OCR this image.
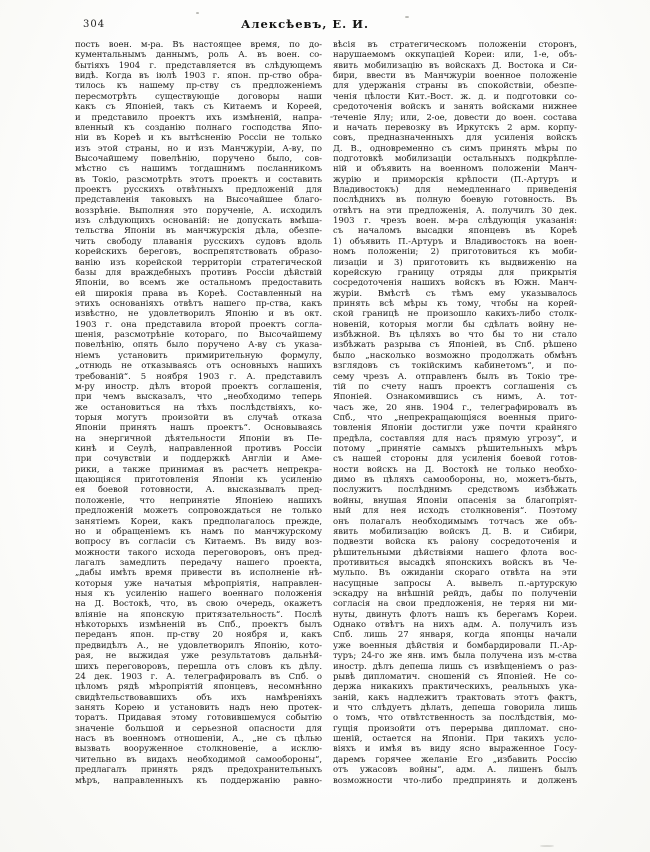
304	Алексѣевъ, Е. И.
пость воен. м-ра. Въ настоящее время, по до-
кументальнымъ даннымъ, роль А. въ воен. со-
бытіяхъ 1904 г. представляется въ слѣдующемъ
видѣ. Когда въ іюлѣ 1903 г. япон. пр-ство обра-
тилось къ нашему пр-ству съ предложеніемъ
пересмотрѣть существующіе договоры наши
какъ съ Японіей, такъ съ Китаемъ и Кореей,
и представило проектъ ихъ измѣненій, напра-
вленный къ созданію полнаго господства Япо-
ніи въ Кореѣ и къ вытѣсненію Россіи не только
изъ этой страны, но и изъ Манчжуріи, А-ву, по
Высочайшему повелѣнію, поручено было, сов-
мѣстно съ нашимъ тогдашнимъ посланникомъ
въ Токіо, разсмотрѣть этотъ проектъ и составить
проектъ русскихъ отвѣтныхъ предложеній для
представленія таковыхъ на Высочайшее благо-
воззрѣніе. Выполняя это порученіе, А. исходилъ
изъ слѣдующихъ основаній: не допускать вмѣша-
тельства Японіи въ манчжурскія дѣла, обезпе-
чить свободу плаванія русскихъ судовъ вдоль
корейскихъ береговъ, воспрепятствовать образо-
ванію изъ корейской территоріи стратегической
базы для враждебныхъ противъ Россіи дѣйствій
Японіи, во всемъ же остальномъ предоставить
ей широкія права въ Кореѣ. Составленный на
этихъ основаніяхъ отвѣтъ нашего пр-ства, какъ
извѣстно, не удовлетворилъ Японію и въ окт.
1903 г. она представила второй проектъ согла-
шенія, разсмотрѣніе котораго, по Высочайшему
повелѣнію, опять было поручено А-ву съ указа-
ніемъ установить примирительную формулу,
„отнюдь не отказываясь отъ основныхъ нашихъ
требованій“. 5 ноября 1903 г. А. представилъ
м-ру иностр. дѣлъ второй проектъ соглашенія,
при чемъ высказалъ, что „необходимо теперь
же остановиться на тѣхъ послѣдствіяхъ, ко-
торыя могутъ произойти въ случаѣ отказа
Японіи принять нашъ проектъ“. Основываясь
на энергичной дѣятельности Японіи въ Пе-
кинѣ и Сеулѣ, направленной противъ Россіи
при сочувствіи и поддержкѣ Англіи и Аме-
рики, а также принимая въ расчетъ непрекра-
щающіяся приготовленія Японіи къ усиленію
ея боевой готовности, А. высказывалъ пред-
положеніе, что непринятіе Японіею нашихъ
предложеній можетъ сопровождаться не только
занятіемъ Кореи, какъ предполагалось прежде,
но и обращеніемъ къ намъ по манчжурскому
вопросу въ согласіи съ Китаемъ. Въ виду воз-
можности такого исхода переговоровъ, онъ пред-
лагалъ замедлить передачу нашего проекта,
„дабы имѣть время привести въ исполненіе нѣ-
которыя уже начатыя мѣропріятія, направлен-
ныя къ усиленію нашего военнаго положенія
на Д. Востокѣ, что, въ свою очередь, окажетъ
вліяніе на японскую притязательность“. Послѣ
нѣкоторыхъ измѣненій въ Спб., проектъ былъ
переданъ япон. пр-ству 20 ноября и, какъ
предвидѣлъ А., не удовлетворилъ Японію, кото-
рая, не выжидая уже результатовъ дальнѣй-
шихъ переговоровъ, перешла отъ словъ къ дѣлу.
24 дек. 1903 г. А. телеграфировалъ въ Спб. о
цѣломъ рядѣ мѣропріятій японцевъ, несомнѣнно
свидѣтельствовавшихъ объ ихъ намѣреніяхъ
занять Корею и установить надъ нею протек-
торатъ. Придавая этому готовившемуся событію
значеніе большой и серьезной опасности для
насъ въ военномъ отношеніи, А., „не съ цѣлью
вызвать вооруженное столкновеніе, а исклю-
чительно въ видахъ необходимой самообороны“,
предлагалъ принять рядъ предохранительныхъ
мѣръ, направленныхъ къ поддержанію равно-
вѣсія въ стратегическомъ положеніи сторонъ,
нарушаемомъ оккупаціей Кореи: или, 1-е, объ-
явить мобилизацію въ войскахъ Д. Востока и Си-
бири, ввести въ Манчжуріи военное положеніе
для удержанія страны въ спокойствіи, обезпе-
ченія цѣлости Кит.-Вост. ж. д. и подготовки со-
средоточенія войскъ и занять войсками нижнее
теченіе Ялу; или, 2-ое, довести до воен. состава
и начать перевозку въ Иркутскъ 2 арм. корпу-
совъ, предназначенныхъ для усиленія войскъ
Д. В., одновременно съ симъ принять мѣры по
подготовкѣ мобилизаціи остальныхъ подкрѣпле-
ній и объявить на военномъ положеніи Манч-
журію и приморскія крѣпости (П.-Артуръ и
Владивостокъ) для немедленнаго приведенія
послѣднихъ въ полную боевую готовность. Въ
отвѣтъ на эти предложенія, А. получилъ 30 дек.
1903 г. чрезъ воен. м-ра слѣдующія указанія:
съ началомъ высадки японцевъ въ Кореѣ
1) объявить П.-Артуръ и Владивостокъ на воен-
номъ положеніи; 2) приготовиться къ моби-
лизаціи и 3) приготовить къ выдвиженію на
корейскую границу отряды для прикрытія
сосредоточенія нашихъ войскъ въ Южн. Манч-
журіи. Вмѣстѣ съ тѣмъ ему указывалось
принять всѣ мѣры къ тому, чтобы на корей-
ской границѣ не произошло какихъ-либо столк-
новеній, которыя могли бы сдѣлать войну не-
избѣжной. Въ цѣляхъ во что бы то ни стало
избѣжать разрыва съ Японіей, въ Спб. рѣшено
было „насколько возможно продолжать обмѣнъ
взглядовъ съ токійскимъ кабинетомъ“, и по-
сему чрезъ А. отправленъ былъ въ Токіо тре-
тій по счету нашъ проектъ соглашенія съ
Японіей. Ознакомившись съ нимъ, А. тот-
часъ же, 20 янв. 1904 г., телеграфировалъ въ
Спб., что „непрекращающіяся военныя приго-
товленія Японіи достигли уже почти крайняго
предѣла, составляя для насъ прямую угрозу“, и
потому „принятіе самыхъ рѣшительныхъ мѣръ
съ нашей стороны для усиленія боевой готов-
ности войскъ на Д. Востокѣ не только необхо-
димо въ цѣляхъ самообороны, но, можетъ-быть,
послужитъ послѣднимъ средствомъ избѣжать
войны, внушая Японіи опасенія за благопріят-
ный для нея исходъ столкновенія“. Поэтому
онъ полагалъ необходимымъ тотчасъ же объ-
явить мобилизацію войскъ Д. В. и Сибири,
подвезти войска къ раіону сосредоточенія и
рѣшительными дѣйствіями нашего флота вос-
противиться высадкѣ японскихъ войскъ въ Че-
мульпо. Въ ожиданіи скораго отвѣта на эти
насущные запросы А. вывелъ п.-артурскую
эскадру на внѣшній рейдъ, дабы по полученіи
согласія на свои предложенія, не теряя ни ми-
нуты, двинуть флотъ нашъ къ берегамъ Кореи.
Однако отвѣтъ на нихъ адм. А. получилъ изъ
Спб. лишь 27 января, когда японцы начали
уже военныя дѣйствія и бомбардировали П.-Ар-
туръ; 24-го же янв. имъ была получена изъ м-ства
иностр. дѣлъ депеша лишь съ извѣщеніемъ о раз-
рывѣ дипломатич. сношеній съ Японіей. Не со-
держа никакихъ практическихъ, реальныхъ ука-
заній, какъ надлежитъ трактовать этотъ фактъ,
и что слѣдуетъ дѣлать, депеша говорила лишь
о томъ, что отвѣтственность за послѣдствія, мо-
гущія произойти отъ перерыва дипломат. сно-
шеній, остается на Японіи. При такихъ усло-
віяхъ и имѣя въ виду ясно выраженное Госу-
даремъ горячее желаніе Его „избавить Россію
отъ ужасовъ войны“, адм. А. лишенъ былъ
возможности что-либо предпринять и долженъ
